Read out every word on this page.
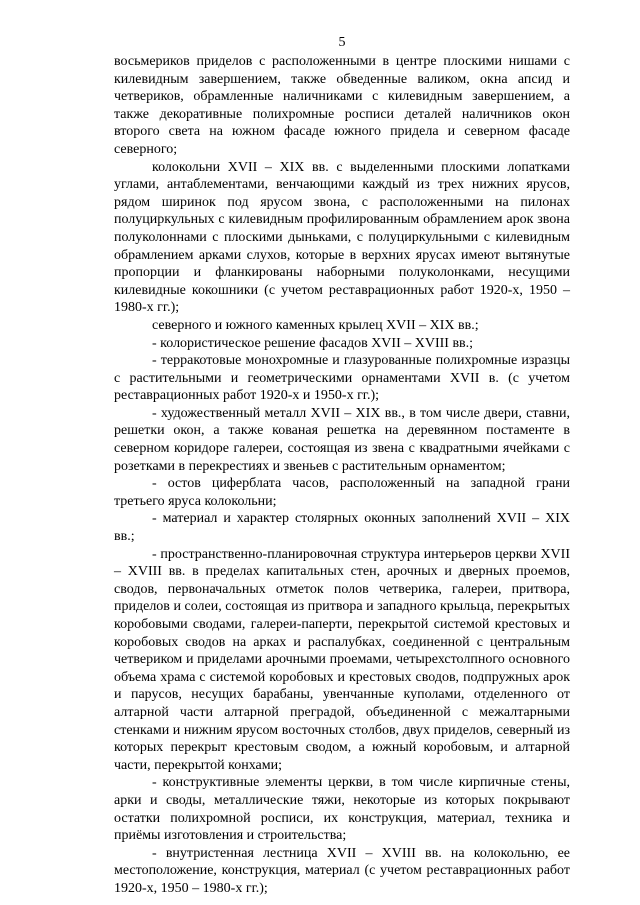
5

восьмериков приделов с расположенными в центре плоскими нишами с килевидным завершением, также обведенные валиком, окна апсид и четвериков, обрамленные наличниками с килевидным завершением, а также декоративные полихромные росписи деталей наличников окон второго света на южном фасаде южного придела и северном фасаде северного;

колокольни XVII – XIX вв. с выделенными плоскими лопатками углами, антаблементами, венчающими каждый из трех нижних ярусов, рядом ширинок под ярусом звона, с расположенными на пилонах полуциркульных с килевидным профилированным обрамлением арок звона полуколоннами с плоскими дыньками, с полуциркульными с килевидным обрамлением арками слухов, которые в верхних ярусах имеют вытянутые пропорции и фланкированы наборными полуколонками, несущими килевидные кокошники (с учетом реставрационных работ 1920-х, 1950 – 1980-х гг.);

северного и южного каменных крылец XVII – XIX вв.;

- колористическое решение фасадов XVII – XVIII вв.;

- терракотовые монохромные и глазурованные полихромные изразцы с растительными и геометрическими орнаментами XVII в. (с учетом реставрационных работ 1920-х и 1950-х гг.);

- художественный металл XVII – XIX вв., в том числе двери, ставни, решетки окон, а также кованая решетка на деревянном постаменте в северном коридоре галереи, состоящая из звена с квадратными ячейками с розетками в перекрестиях и звеньев с растительным орнаментом;

- остов циферблата часов, расположенный на западной грани третьего яруса колокольни;

- материал и характер столярных оконных заполнений XVII – XIX вв.;

- пространственно-планировочная структура интерьеров церкви XVII – XVIII вв. в пределах капитальных стен, арочных и дверных проемов, сводов, первоначальных отметок полов четверика, галереи, притвора, приделов и солеи, состоящая из притвора и западного крыльца, перекрытых коробовыми сводами, галереи-паперти, перекрытой системой крестовых и коробовых сводов на арках и распалубках, соединенной с центральным четвериком и приделами арочными проемами, четырехстолпного основного объема храма с системой коробовых и крестовых сводов, подпружных арок и парусов, несущих барабаны, увенчанные куполами, отделенного от алтарной части алтарной преградой, объединенной с межалтарными стенками и нижним ярусом восточных столбов, двух приделов, северный из которых перекрыт крестовым сводом, а южный коробовым, и алтарной части, перекрытой конхами;

- конструктивные элементы церкви, в том числе кирпичные стены, арки и своды, металлические тяжи, некоторые из которых покрывают остатки полихромной росписи, их конструкция, материал, техника и приёмы изготовления и строительства;

- внутристенная лестница XVII – XVIII вв. на колокольню, ее местоположение, конструкция, материал (с учетом реставрационных работ 1920-х, 1950 – 1980-х гг.);
